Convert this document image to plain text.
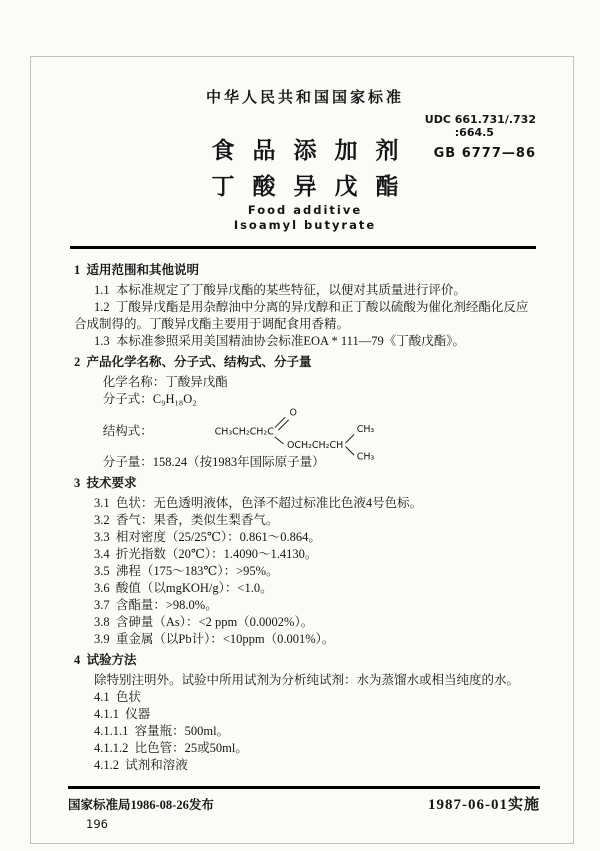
中华人民共和国国家标准
UDC 661.731/.732
:664.5
食品添加剂	GB 6777—86
丁酸异戊酯
Food additive
Isoamyl butyrate
1  适用范围和其他说明
1.1  本标准规定了丁酸异戊酯的某些特征，以便对其质量进行评价。
1.2  丁酸异戊酯是用杂醇油中分离的异戊醇和正丁酸以硫酸为催化剂经酯化反应合成制得的。丁酸异戊酯主要用于调配食用香精。
1.3  本标准参照采用美国精油协会标准EOA * 111—79《丁酸戊酯》。
2  产品化学名称、分子式、结构式、分子量
化学名称：丁酸异戊酯
分子式：C₉H₁₈O₂
结构式：	CH₃CH₂CH₂C
O
OCH₂CH₂CH
CH₃
CH₃
分子量：158.24（按1983年国际原子量）
3  技术要求
3.1  色状：无色透明液体，色泽不超过标准比色液4号色标。
3.2  香气：果香，类似生梨香气。
3.3  相对密度（25/25℃）：0.861～0.864。
3.4  折光指数（20℃）：1.4090～1.4130。
3.5  沸程（175～183℃）：>95%。
3.6  酸值（以mgKOH/g）：<1.0。
3.7  含酯量：>98.0%。
3.8  含砷量（As）：<2 ppm（0.0002%）。
3.9  重金属（以Pb计）：<10ppm（0.001%）。
4  试验方法
除特别注明外。试验中所用试剂为分析纯试剂：水为蒸馏水或相当纯度的水。
4.1  色状
4.1.1  仪器
4.1.1.1  容量瓶：500ml。
4.1.1.2  比色管：25或50ml。
4.1.2  试剂和溶液
国家标准局1986-08-26发布	1987-06-01实施
196
